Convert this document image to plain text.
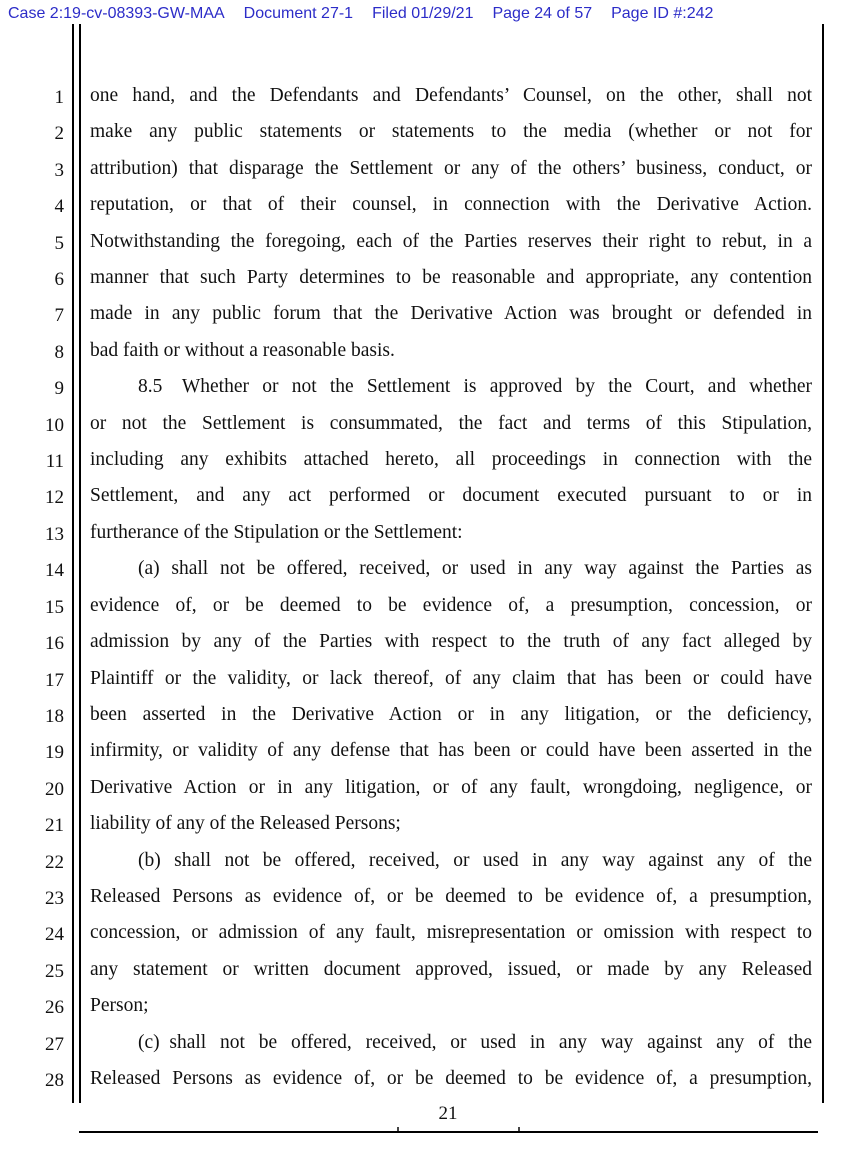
Case 2:19-cv-08393-GW-MAA Document 27-1 Filed 01/29/21 Page 24 of 57 Page ID #:242
1
2
3
4
5
6
7
8
9
10
11
12
13
14
15
16
17
18
19
20
21
22
23
24
25
26
27
28
one hand, and the Defendants and Defendants’ Counsel, on the other, shall not
make any public statements or statements to the media (whether or not for
attribution) that disparage the Settlement or any of the others’ business, conduct, or
reputation, or that of their counsel, in connection with the Derivative Action.
Notwithstanding the foregoing, each of the Parties reserves their right to rebut, in a
manner that such Party determines to be reasonable and appropriate, any contention
made in any public forum that the Derivative Action was brought or defended in
bad faith or without a reasonable basis.
8.5 Whether or not the Settlement is approved by the Court, and whether
or not the Settlement is consummated, the fact and terms of this Stipulation,
including any exhibits attached hereto, all proceedings in connection with the
Settlement, and any act performed or document executed pursuant to or in
furtherance of the Stipulation or the Settlement:
(a) shall not be offered, received, or used in any way against the Parties as
evidence of, or be deemed to be evidence of, a presumption, concession, or
admission by any of the Parties with respect to the truth of any fact alleged by
Plaintiff or the validity, or lack thereof, of any claim that has been or could have
been asserted in the Derivative Action or in any litigation, or the deficiency,
infirmity, or validity of any defense that has been or could have been asserted in the
Derivative Action or in any litigation, or of any fault, wrongdoing, negligence, or
liability of any of the Released Persons;
(b) shall not be offered, received, or used in any way against any of the
Released Persons as evidence of, or be deemed to be evidence of, a presumption,
concession, or admission of any fault, misrepresentation or omission with respect to
any statement or written document approved, issued, or made by any Released
Person;
(c) shall not be offered, received, or used in any way against any of the
Released Persons as evidence of, or be deemed to be evidence of, a presumption,
21
